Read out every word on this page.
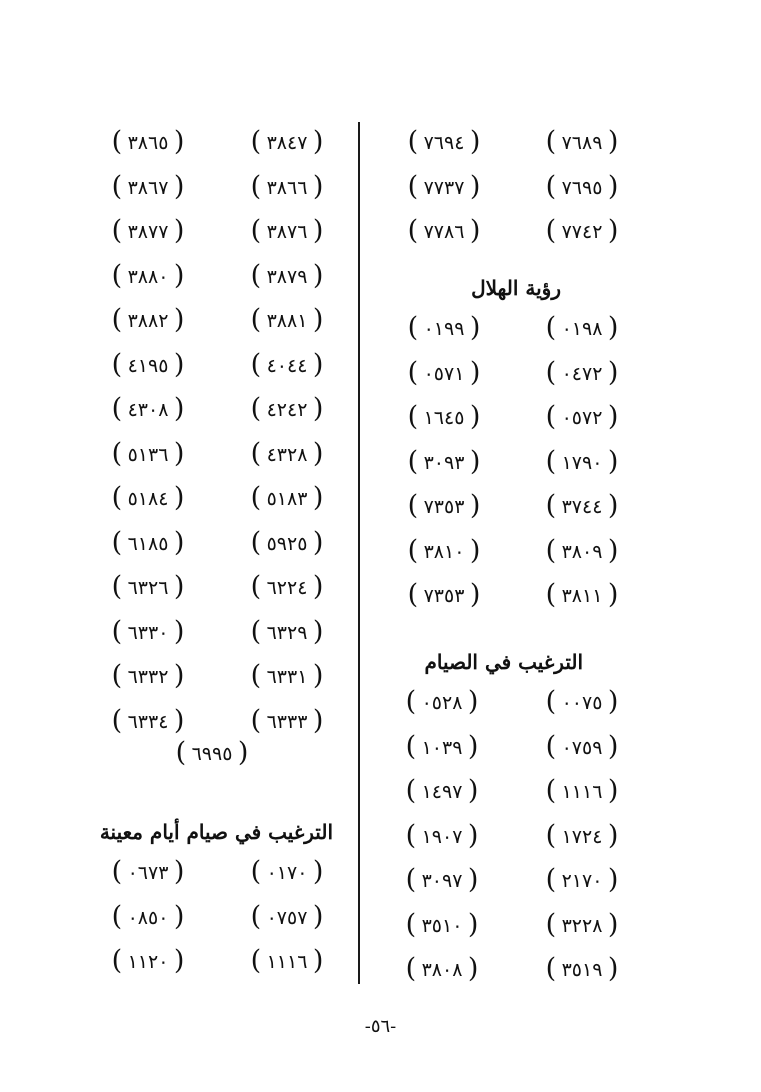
( ٧٦٨٩ )
( ٧٦٩٤ )
( ٧٦٩٥ )
( ٧٧٣٧ )
( ٧٧٤٢ )
( ٧٧٨٦ )
رؤية الهلال
( ٠١٩٨ )
( ٠١٩٩ )
( ٠٤٧٢ )
( ٠٥٧١ )
( ٠٥٧٢ )
( ١٦٤٥ )
( ١٧٩٠ )
( ٣٠٩٣ )
( ٣٧٤٤ )
( ٧٣٥٣ )
( ٣٨٠٩ )
( ٣٨١٠ )
( ٣٨١١ )
( ٧٣٥٣ )
الترغيب في الصيام
( ٠٠٧٥ )
( ٠٥٢٨ )
( ٠٧٥٩ )
( ١٠٣٩ )
( ١١١٦ )
( ١٤٩٧ )
( ١٧٢٤ )
( ١٩٠٧ )
( ٢١٧٠ )
( ٣٠٩٧ )
( ٣٢٢٨ )
( ٣٥١٠ )
( ٣٥١٩ )
( ٣٨٠٨ )
( ٣٨٤٧ )
( ٣٨٦٥ )
( ٣٨٦٦ )
( ٣٨٦٧ )
( ٣٨٧٦ )
( ٣٨٧٧ )
( ٣٨٧٩ )
( ٣٨٨٠ )
( ٣٨٨١ )
( ٣٨٨٢ )
( ٤٠٤٤ )
( ٤١٩٥ )
( ٤٢٤٢ )
( ٤٣٠٨ )
( ٤٣٢٨ )
( ٥١٣٦ )
( ٥١٨٣ )
( ٥١٨٤ )
( ٥٩٢٥ )
( ٦١٨٥ )
( ٦٢٢٤ )
( ٦٣٢٦ )
( ٦٣٢٩ )
( ٦٣٣٠ )
( ٦٣٣١ )
( ٦٣٣٢ )
( ٦٣٣٣ )
( ٦٣٣٤ )
( ٦٩٩٥ )
الترغيب في صيام أيام معينة
( ٠١٧٠ )
( ٠٦٧٣ )
( ٠٧٥٧ )
( ٠٨٥٠ )
( ١١١٦ )
( ١١٢٠ )
-٥٦-
